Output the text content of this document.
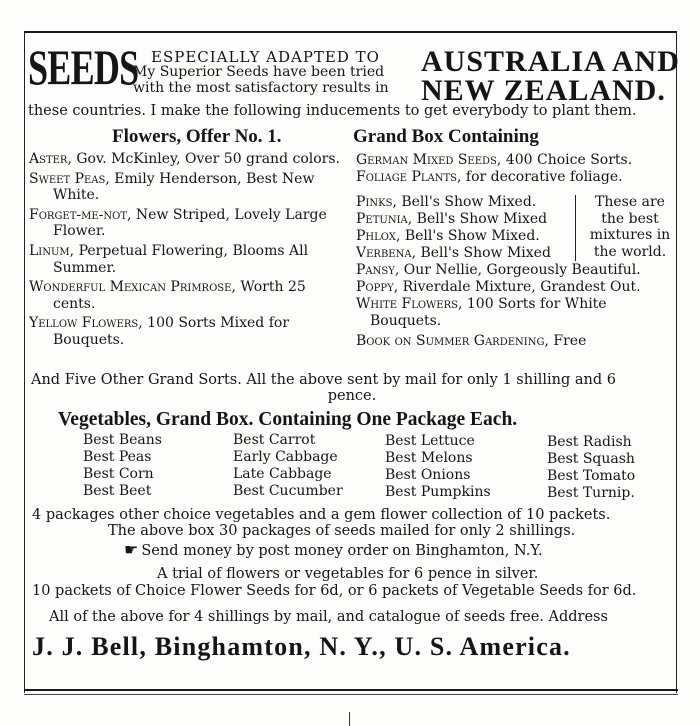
SEEDS ESPECIALLY ADAPTED TO
My Superior Seeds have been tried
with the most satisfactory results in
AUSTRALIA AND
NEW ZEALAND.
these countries. I make the following inducements to get everybody to plant them.
Flowers, Offer No. 1.	Grand Box Containing
Aster, Gov. McKinley, Over 50 grand colors.
Sweet Peas, Emily Henderson, Best New White.
Forget-me-not, New Striped, Lovely Large Flower.
Linum, Perpetual Flowering, Blooms All Summer.
Wonderful Mexican Primrose, Worth 25 cents.
Yellow Flowers, 100 Sorts Mixed for Bouquets.
German Mixed Seeds, 400 Choice Sorts.
Foliage Plants, for decorative foliage.
Pinks, Bell's Show Mixed.
Petunia, Bell's Show Mixed
Phlox, Bell's Show Mixed.
Verbena, Bell's Show Mixed
These are
the best
mixtures in
the world.
Pansy, Our Nellie, Gorgeously Beautiful.
Poppy, Riverdale Mixture, Grandest Out.
White Flowers, 100 Sorts for White Bouquets.
Book on Summer Gardening, Free
And Five Other Grand Sorts. All the above sent by mail for only 1 shilling and 6
pence.
Vegetables, Grand Box. Containing One Package Each.
Best Beans
Best Peas
Best Corn
Best Beet
Best Carrot
Early Cabbage
Late Cabbage
Best Cucumber
Best Lettuce
Best Melons
Best Onions
Best Pumpkins
Best Radish
Best Squash
Best Tomato
Best Turnip.
4 packages other choice vegetables and a gem flower collection of 10 packets.
The above box 30 packages of seeds mailed for only 2 shillings.
☛ Send money by post money order on Binghamton, N.Y.
A trial of flowers or vegetables for 6 pence in silver.
10 packets of Choice Flower Seeds for 6d, or 6 packets of Vegetable Seeds for 6d.
All of the above for 4 shillings by mail, and catalogue of seeds free. Address
J. J. Bell, Binghamton, N. Y., U. S. America.
